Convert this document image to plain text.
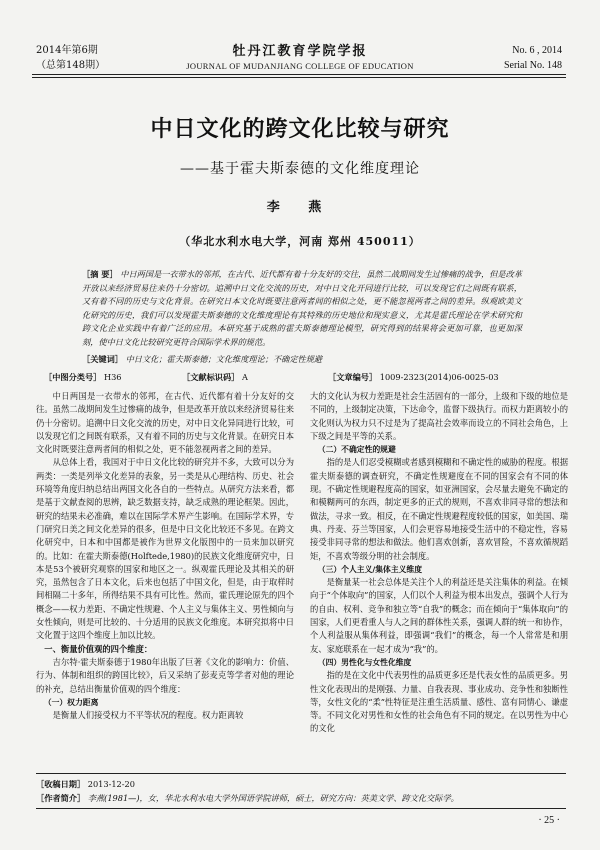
2014年第6期
（总第148期）
牡丹江教育学院学报
JOURNAL OF MUDANJIANG COLLEGE OF EDUCATION
No. 6 , 2014
Serial No. 148
中日文化的跨文化比较与研究
——基于霍夫斯泰德的文化维度理论
李 燕
（华北水利水电大学，河南 郑州 450011）
［摘 要］ 中日两国是一衣带水的邻邦，在古代、近代都有着十分友好的交往，虽然二战期间发生过惨痛的战争，但是改革开放以来经济贸易往来仍十分密切。追溯中日文化交流的历史，对中日文化开同进行比较，可以发现它们之间既有联系，又有着不同的历史与文化背景。在研究日本文化时既要注意两者间的相似之处，更不能忽视两者之间的差异。纵观欧美文化研究的历史，我们可以发现霍夫斯泰德的文化维度理论有其特殊的历史地位和现实意义，尤其是霍氏理论在学术研究和跨文化企业实践中有着广泛的应用。本研究基于成熟的霍夫斯泰德理论模型，研究得到的结果将会更加可靠，也更加深刻，使中日文化比较研究更符合国际学术界的规范。
［关键词］ 中日文化；霍夫斯泰德；文化维度理论；不确定性规避
［中图分类号］ H36	［文献标识码］ A	［文章编号］ 1009-2323(2014)06-0025-03

中日两国是一衣带水的邻邦，在古代、近代都有着十分友好的交往。虽然二战期间发生过惨痛的战争，但是改革开放以来经济贸易往来仍十分密切。追溯中日文化交流的历史，对中日文化异同进行比较，可以发现它们之间既有联系，又有着不同的历史与文化背景。在研究日本文化时既要注意两者间的相似之处，更不能忽视两者之间的差异。

从总体上看，我国对于中日文化比较的研究并不多，大致可以分为两类：一类是列举文化差异的表象，另一类是从心理结构、历史、社会环境等角度归纳总结出两国文化各自的一些特点。从研究方法来看，都是基于文献查阅的思辨，缺乏数据支持，缺乏成熟的理论框架。因此，研究的结果未必准确，难以在国际学术界产生影响。在国际学术界，专门研究日美之间文化差异的很多，但是中日文化比较还不多见。在跨文化研究中，日本和中国都是被作为世界文化版图中的一员来加以研究的。比如：在霍夫斯泰德(Holftede,1980)的民族文化维度研究中，日本是53个被研究观察的国家和地区之一。纵观霍氏理论及其相关的研究，虽然包含了日本文化，后来也包括了中国文化，但是，由于取样时间相隔二十多年，所得结果不具有可比性。然而，霍氏理论原先的四个概念——权力差距、不确定性规避、个人主义与集体主义、男性倾向与女性倾向，则是可比较的、十分适用的民族文化维度。本研究拟将中日文化置于这四个维度上加以比较。

一、衡量价值观的四个维度：

吉尔特·霍夫斯泰德于1980年出版了巨著《文化的影响力：价值、行为、体制和组织的跨国比较》，后又采纳了彭麦克等学者对他的理论的补充，总结出衡量价值观的四个维度：

（一）权力距离

是衡量人们接受权力不平等状况的程度。权力距离较

大的文化认为权力差距是社会生活固有的一部分，上级和下级的地位是不同的，上级制定决策，下达命令，监督下级执行。而权力距离较小的文化则认为权力只不过是为了提高社会效率而设立的不同社会角色，上下级之间是平等的关系。

（二）不确定性的规避

指的是人们忍受模糊或者感到模糊和不确定性的威胁的程度。根据霍夫斯泰德的调查研究，不确定性规避度在不同的国家会有不同的体现。不确定性规避程度高的国家，如亚洲国家，会尽量去避免不确定的和模糊两可的东西，制定更多的正式的规则，不喜欢非同寻常的想法和做法，寻求一致。相反，在不确定性规避程度较低的国家，如美国、瑞典、丹麦、芬兰等国家，人们会更容易地接受生活中的不稳定性，容易接受非同寻常的想法和做法。他们喜欢创新，喜欢冒险，不喜欢循规蹈矩，不喜欢等级分明的社会制度。

（三）个人主义/集体主义维度

是衡量某一社会总体是关注个人的利益还是关注集体的利益。在倾向于“个体取向”的国家，人们以个人利益为根本出发点，强调个人行为的自由、权利、竞争和独立等“自我”的概念；而在倾向于“集体取向”的国家，人们更看重人与人之间的群体性关系，强调人群的统一和协作，个人利益服从集体利益，即强调“我们”的概念，每一个人常常是和朋友、家庭联系在一起才成为“我”的。

（四）男性化与女性化维度

指的是在文化中代表男性的品质更多还是代表女性的品质更多。男性文化表现出的是刚强、力量、自我表现、事业成功、竞争性和独断性等，女性文化的“柔”性特征是注重生活质量、感性、富有同情心、谦虚等。不同文化对男性和女性的社会角色有不同的规定。在以男性为中心的文化

［收稿日期］ 2013-12-20
［作者简介］ 李燕(1981—)，女，华北水利水电大学外国语学院讲师，硕士，研究方向：英美文学、跨文化交际学。
· 25 ·
